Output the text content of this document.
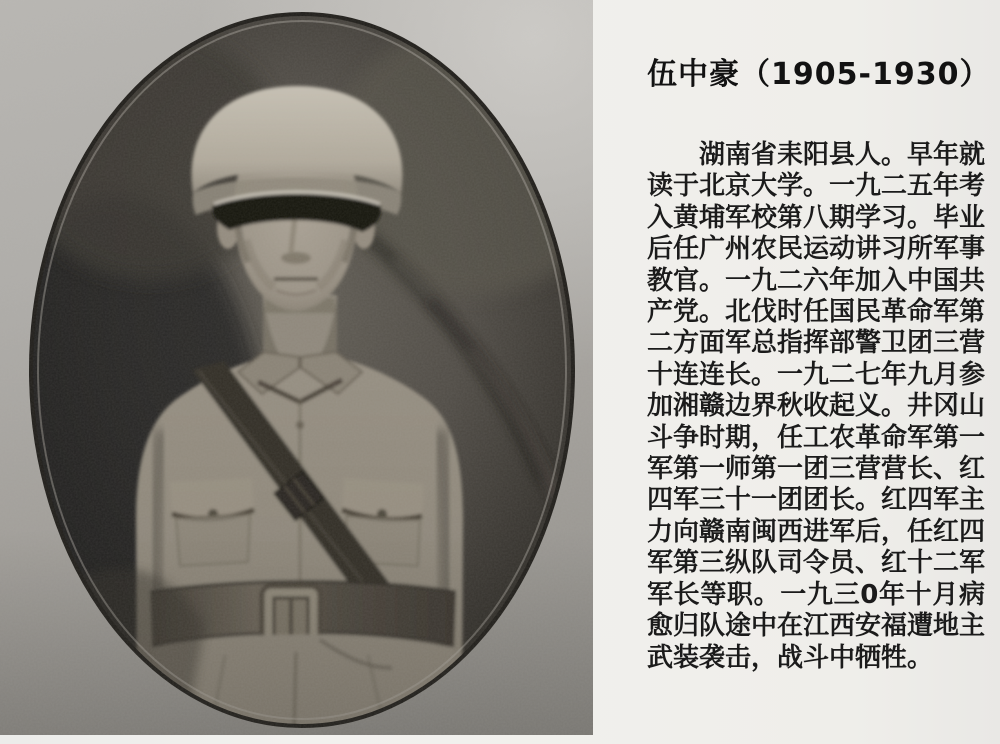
伍中豪（1905-1930）
湖南省耒阳县人。早年就
读于北京大学。一九二五年考
入黄埔军校第八期学习。毕业
后任广州农民运动讲习所军事
教官。一九二六年加入中国共
产党。北伐时任国民革命军第
二方面军总指挥部警卫团三营
十连连长。一九二七年九月参
加湘赣边界秋收起义。井冈山
斗争时期，任工农革命军第一
军第一师第一团三营营长、红
四军三十一团团长。红四军主
力向赣南闽西进军后，任红四
军第三纵队司令员、红十二军
军长等职。一九三0年十月病
愈归队途中在江西安福遭地主
武装袭击，战斗中牺牲。
